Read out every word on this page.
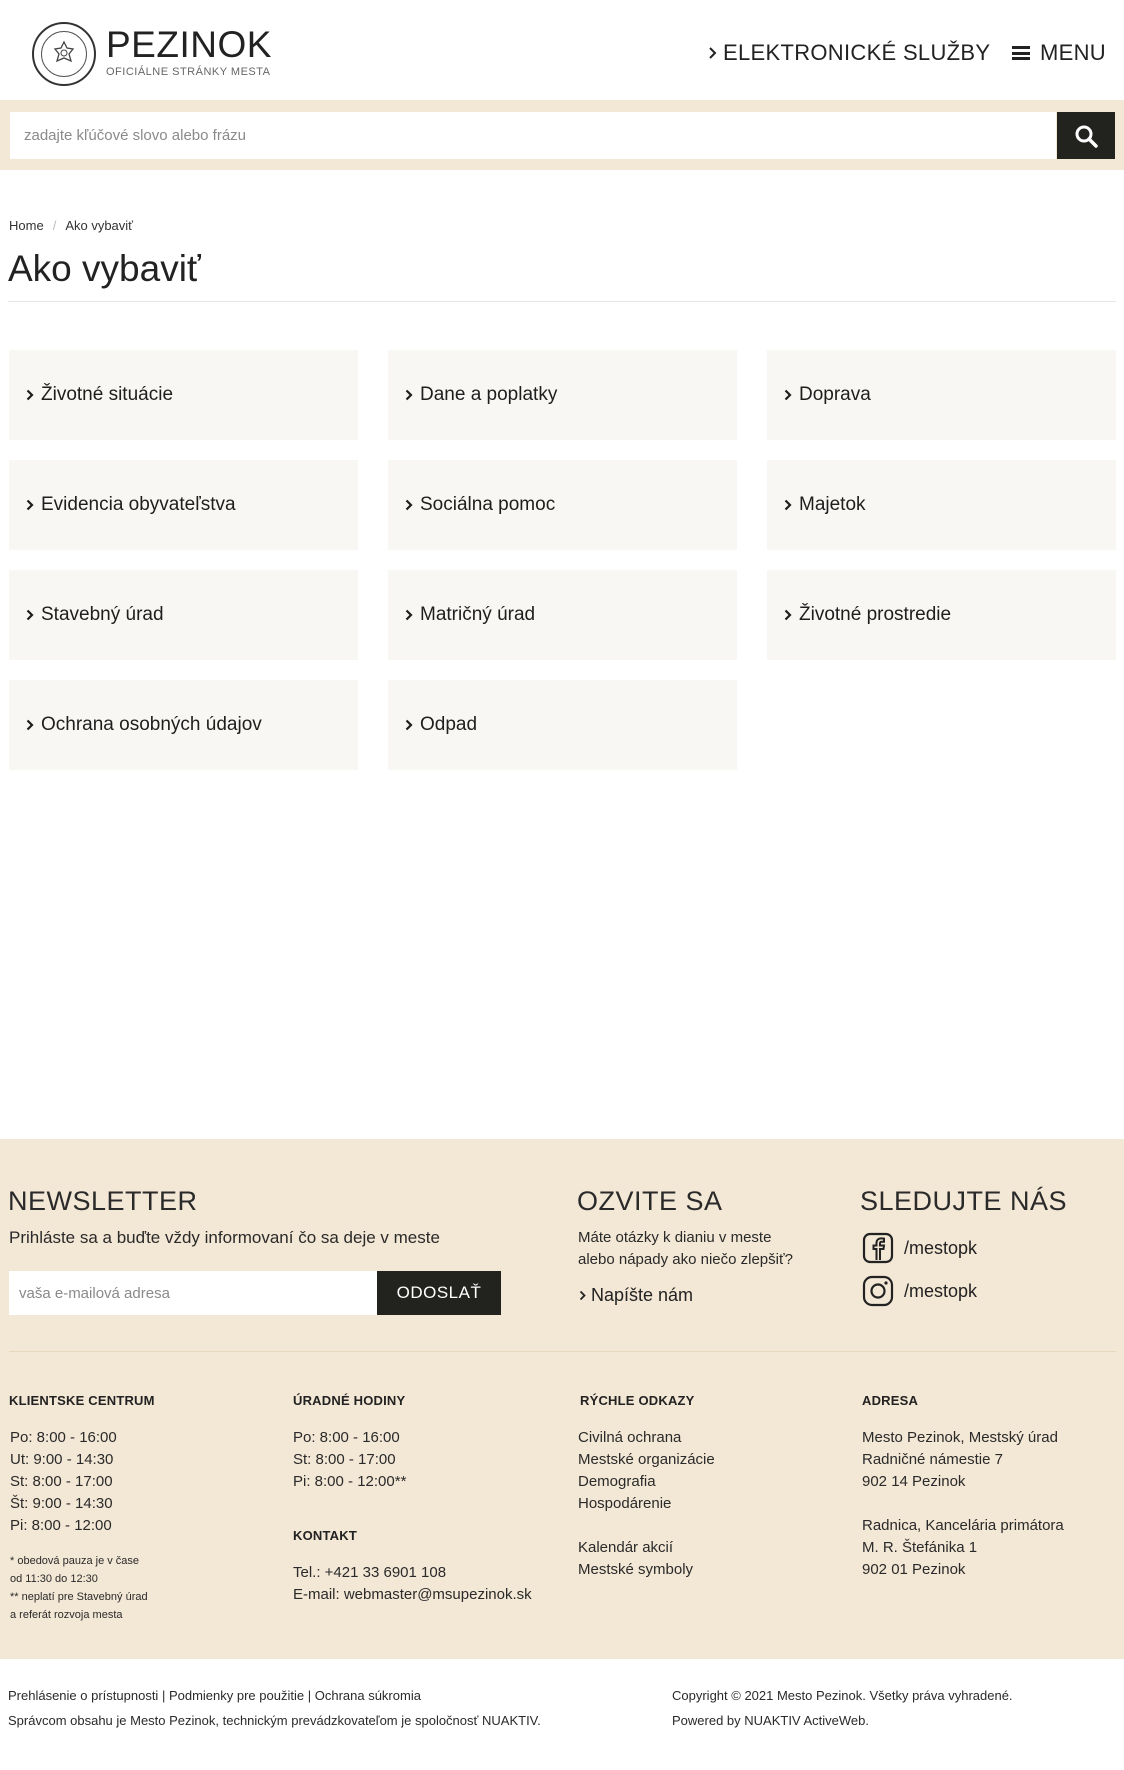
PEZINOK
OFICIÁLNE STRÁNKY MESTA
ELEKTRONICKÉ SLUŽBY MENU
zadajte kľúčové slovo alebo frázu
Home / Ako vybaviť
Ako vybaviť
Životné situácie	Dane a poplatky	Doprava
Evidencia obyvateľstva	Sociálna pomoc	Majetok
Stavebný úrad	Matričný úrad	Životné prostredie
Ochrana osobných údajov	Odpad
NEWSLETTER
Prihláste sa a buďte vždy informovaní čo sa deje v meste
vaša e-mailová adresa
ODOSLAŤ
OZVITE SA
Máte otázky k dianiu v meste
alebo nápady ako niečo zlepšiť?
Napíšte nám
SLEDUJTE NÁS
/mestopk
/mestopk
KLIENTSKE CENTRUM
Po: 8:00 - 16:00
Ut: 9:00 - 14:30
St: 8:00 - 17:00
Št: 9:00 - 14:30
Pi: 8:00 - 12:00
* obedová pauza je v čase
od 11:30 do 12:30
** neplatí pre Stavebný úrad
a referát rozvoja mesta
ÚRADNÉ HODINY
Po: 8:00 - 16:00
St: 8:00 - 17:00
Pi: 8:00 - 12:00**
KONTAKT
Tel.: +421 33 6901 108
E-mail: webmaster@msupezinok.sk
RÝCHLE ODKAZY
Civilná ochrana
Mestské organizácie
Demografia
Hospodárenie
Kalendár akcií
Mestské symboly
ADRESA
Mesto Pezinok, Mestský úrad
Radničné námestie 7
902 14 Pezinok
Radnica, Kancelária primátora
M. R. Štefánika 1
902 01 Pezinok
Prehlásenie o prístupnosti | Podmienky pre použitie | Ochrana súkromia
Správcom obsahu je Mesto Pezinok, technickým prevádzkovateľom je spoločnosť NUAKTIV.
Copyright © 2021 Mesto Pezinok. Všetky práva vyhradené.
Powered by NUAKTIV ActiveWeb.
